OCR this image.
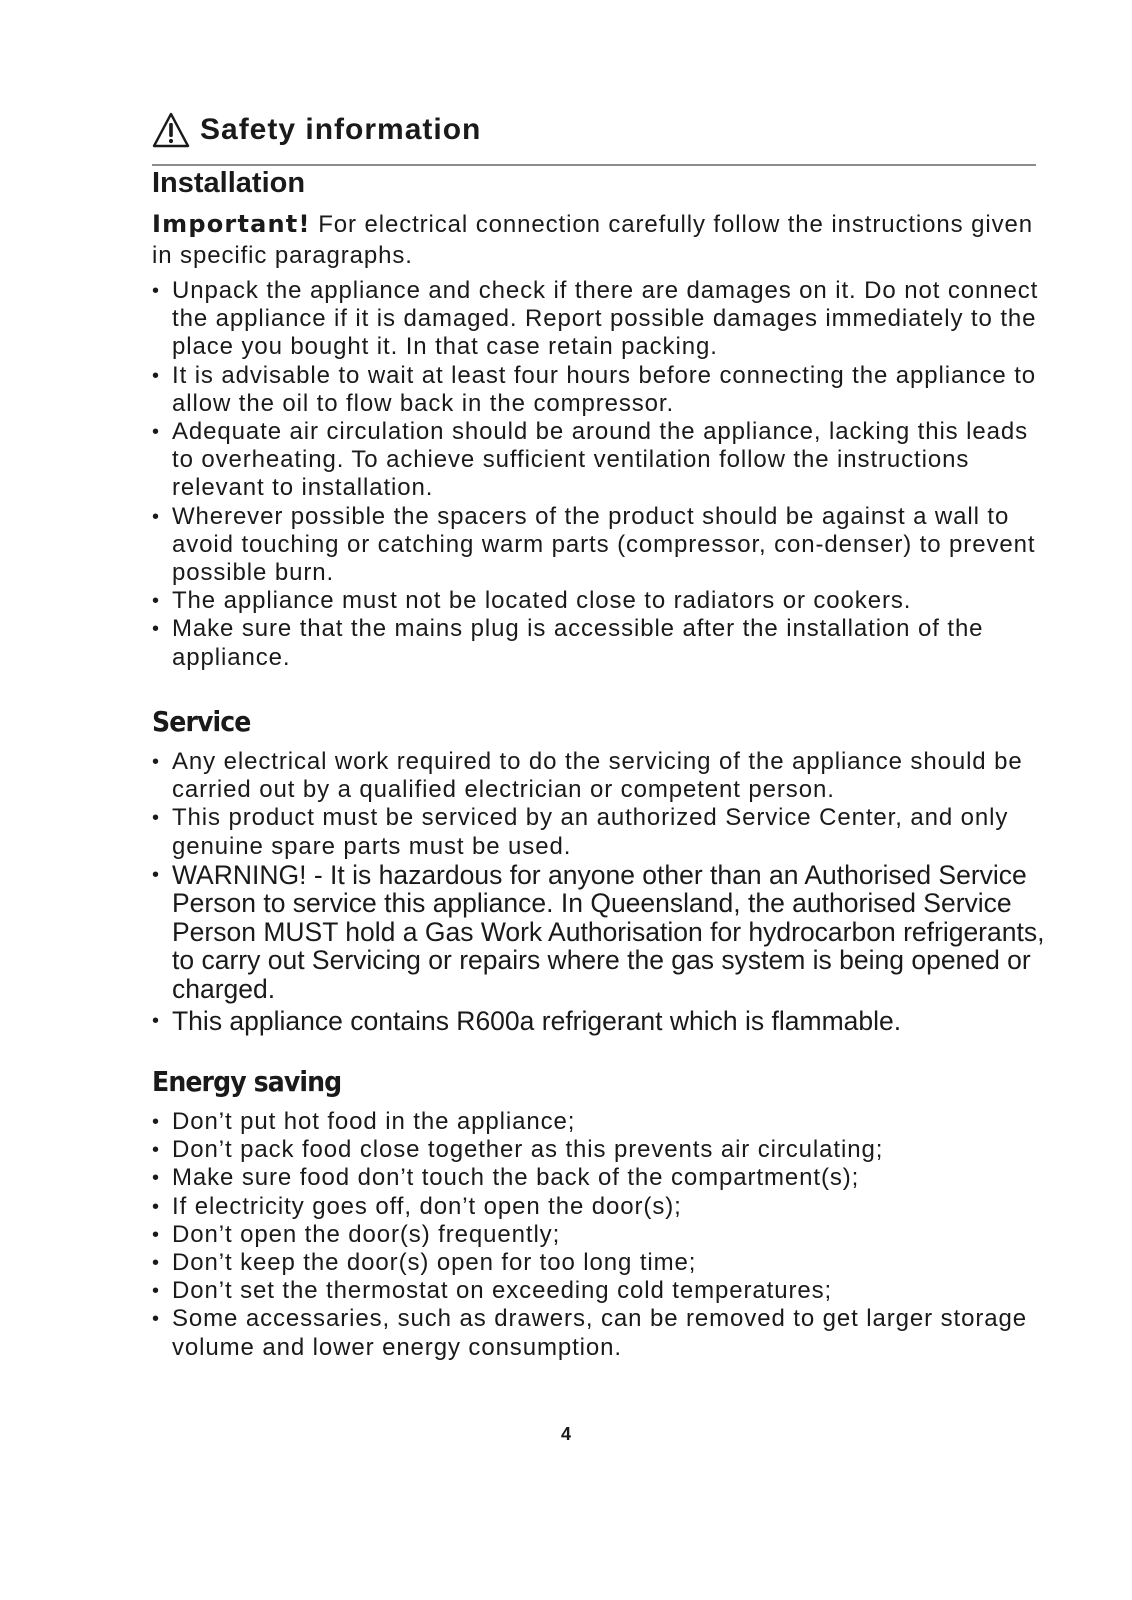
Safety information
Installation

Important! For electrical connection carefully follow the instructions given in specific paragraphs.

• Unpack the appliance and check if there are damages on it. Do not connect the appliance if it is damaged. Report possible damages immediately to the place you bought it. In that case retain packing.
• It is advisable to wait at least four hours before connecting the appliance to allow the oil to flow back in the compressor.
• Adequate air circulation should be around the appliance, lacking this leads to overheating. To achieve sufficient ventilation follow the instructions relevant to installation.
• Wherever possible the spacers of the product should be against a wall to avoid touching or catching warm parts (compressor, con-denser) to prevent possible burn.
• The appliance must not be located close to radiators or cookers.
• Make sure that the mains plug is accessible after the installation of the appliance.
Service
• Any electrical work required to do the servicing of the appliance should be carried out by a qualified electrician or competent person.
• This product must be serviced by an authorized Service Center, and only genuine spare parts must be used.
• WARNING! - It is hazardous for anyone other than an Authorised Service Person to service this appliance. In Queensland, the authorised Service Person MUST hold a Gas Work Authorisation for hydrocarbon refrigerants, to carry out Servicing or repairs where the gas system is being opened or charged.
• This appliance contains R600a refrigerant which is flammable.
Energy saving
• Don’t put hot food in the appliance;
• Don’t pack food close together as this prevents air circulating;
• Make sure food don’t touch the back of the compartment(s);
• If electricity goes off, don’t open the door(s);
• Don’t open the door(s) frequently;
• Don’t keep the door(s) open for too long time;
• Don’t set the thermostat on exceeding cold temperatures;
• Some accessaries, such as drawers, can be removed to get larger storage volume and lower energy consumption.
4
